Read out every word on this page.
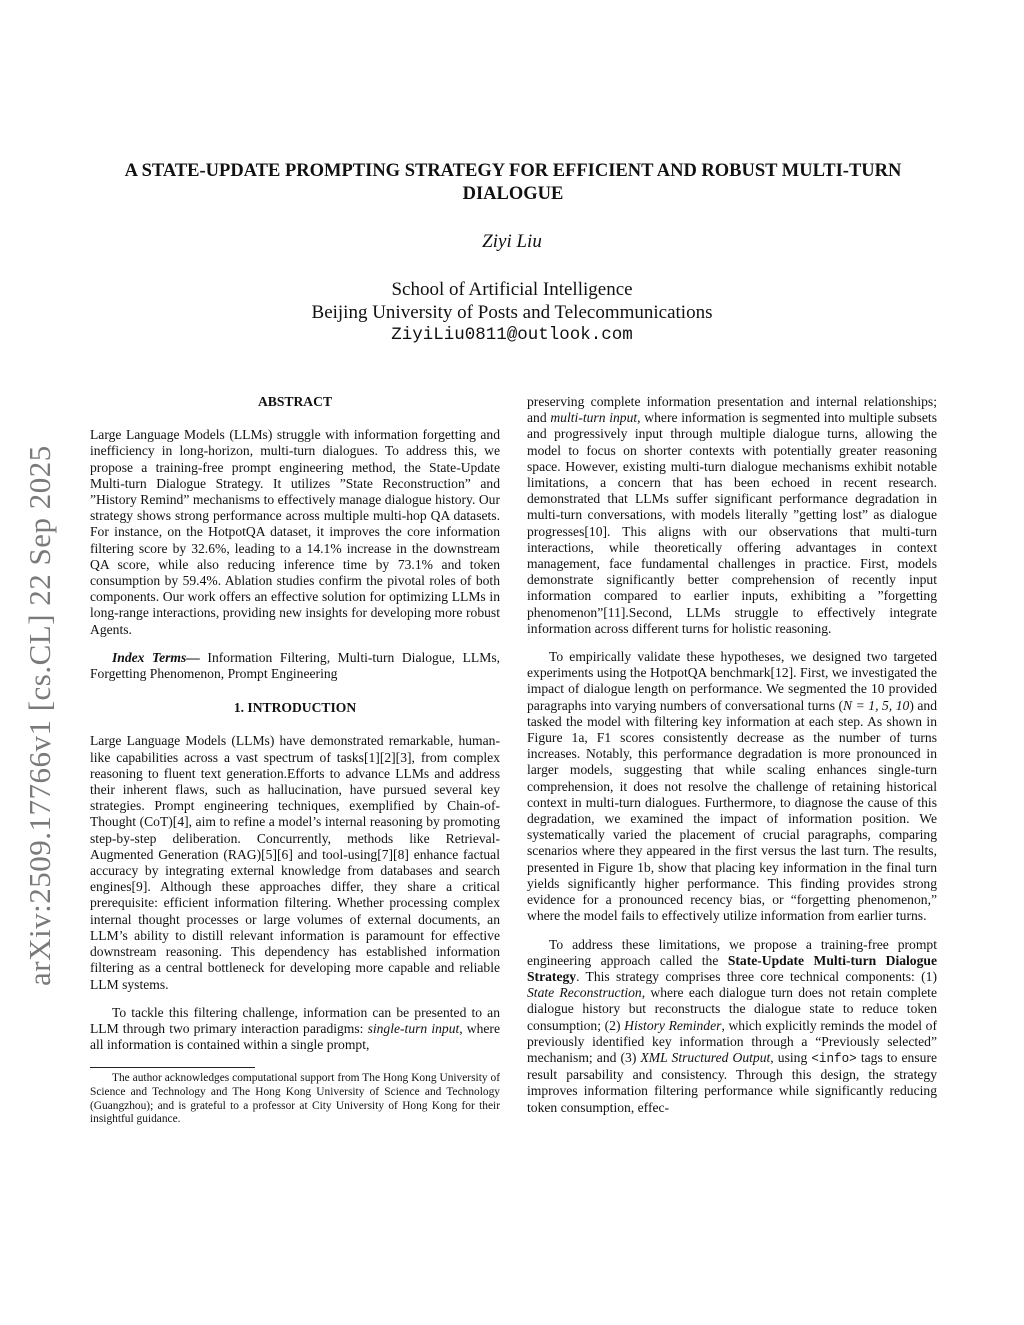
arXiv:2509.17766v1 [cs.CL] 22 Sep 2025
A STATE-UPDATE PROMPTING STRATEGY FOR EFFICIENT AND ROBUST MULTI-TURN DIALOGUE
Ziyi Liu
School of Artificial Intelligence
Beijing University of Posts and Telecommunications
ZiyiLiu0811@outlook.com
ABSTRACT

Large Language Models (LLMs) struggle with information forgetting and inefficiency in long-horizon, multi-turn dialogues. To address this, we propose a training-free prompt engineering method, the State-Update Multi-turn Dialogue Strategy. It utilizes ”State Reconstruction” and ”History Remind” mechanisms to effectively manage dialogue history. Our strategy shows strong performance across multiple multi-hop QA datasets. For instance, on the HotpotQA dataset, it improves the core information filtering score by 32.6%, leading to a 14.1% increase in the downstream QA score, while also reducing inference time by 73.1% and token consumption by 59.4%. Ablation studies confirm the pivotal roles of both components. Our work offers an effective solution for optimizing LLMs in long-range interactions, providing new insights for developing more robust Agents.

Index Terms— Information Filtering, Multi-turn Dialogue, LLMs, Forgetting Phenomenon, Prompt Engineering

1. INTRODUCTION

Large Language Models (LLMs) have demonstrated remarkable, human-like capabilities across a vast spectrum of tasks[1][2][3], from complex reasoning to fluent text generation.Efforts to advance LLMs and address their inherent flaws, such as hallucination, have pursued several key strategies. Prompt engineering techniques, exemplified by Chain-of-Thought (CoT)[4], aim to refine a model’s internal reasoning by promoting step-by-step deliberation. Concurrently, methods like Retrieval-Augmented Generation (RAG)[5][6] and tool-using[7][8] enhance factual accuracy by integrating external knowledge from databases and search engines[9]. Although these approaches differ, they share a critical prerequisite: efficient information filtering. Whether processing complex internal thought processes or large volumes of external documents, an LLM’s ability to distill relevant information is paramount for effective downstream reasoning. This dependency has established information filtering as a central bottleneck for developing more capable and reliable LLM systems.

To tackle this filtering challenge, information can be presented to an LLM through two primary interaction paradigms: single-turn input, where all information is contained within a single prompt,

The author acknowledges computational support from The Hong Kong University of Science and Technology and The Hong Kong University of Science and Technology (Guangzhou); and is grateful to a professor at City University of Hong Kong for their insightful guidance.

preserving complete information presentation and internal relationships; and multi-turn input, where information is segmented into multiple subsets and progressively input through multiple dialogue turns, allowing the model to focus on shorter contexts with potentially greater reasoning space. However, existing multi-turn dialogue mechanisms exhibit notable limitations, a concern that has been echoed in recent research. demonstrated that LLMs suffer significant performance degradation in multi-turn conversations, with models literally ”getting lost” as dialogue progresses[10]. This aligns with our observations that multi-turn interactions, while theoretically offering advantages in context management, face fundamental challenges in practice. First, models demonstrate significantly better comprehension of recently input information compared to earlier inputs, exhibiting a ”forgetting phenomenon”[11].Second, LLMs struggle to effectively integrate information across different turns for holistic reasoning.

To empirically validate these hypotheses, we designed two targeted experiments using the HotpotQA benchmark[12]. First, we investigated the impact of dialogue length on performance. We segmented the 10 provided paragraphs into varying numbers of conversational turns (N = 1, 5, 10) and tasked the model with filtering key information at each step. As shown in Figure 1a, F1 scores consistently decrease as the number of turns increases. Notably, this performance degradation is more pronounced in larger models, suggesting that while scaling enhances single-turn comprehension, it does not resolve the challenge of retaining historical context in multi-turn dialogues. Furthermore, to diagnose the cause of this degradation, we examined the impact of information position. We systematically varied the placement of crucial paragraphs, comparing scenarios where they appeared in the first versus the last turn. The results, presented in Figure 1b, show that placing key information in the final turn yields significantly higher performance. This finding provides strong evidence for a pronounced recency bias, or “forgetting phenomenon,” where the model fails to effectively utilize information from earlier turns.

To address these limitations, we propose a training-free prompt engineering approach called the State-Update Multi-turn Dialogue Strategy. This strategy comprises three core technical components: (1) State Reconstruction, where each dialogue turn does not retain complete dialogue history but reconstructs the dialogue state to reduce token consumption; (2) History Reminder, which explicitly reminds the model of previously identified key information through a “Previously selected” mechanism; and (3) XML Structured Output, using <info> tags to ensure result parsability and consistency. Through this design, the strategy improves information filtering performance while significantly reducing token consumption, effec-
